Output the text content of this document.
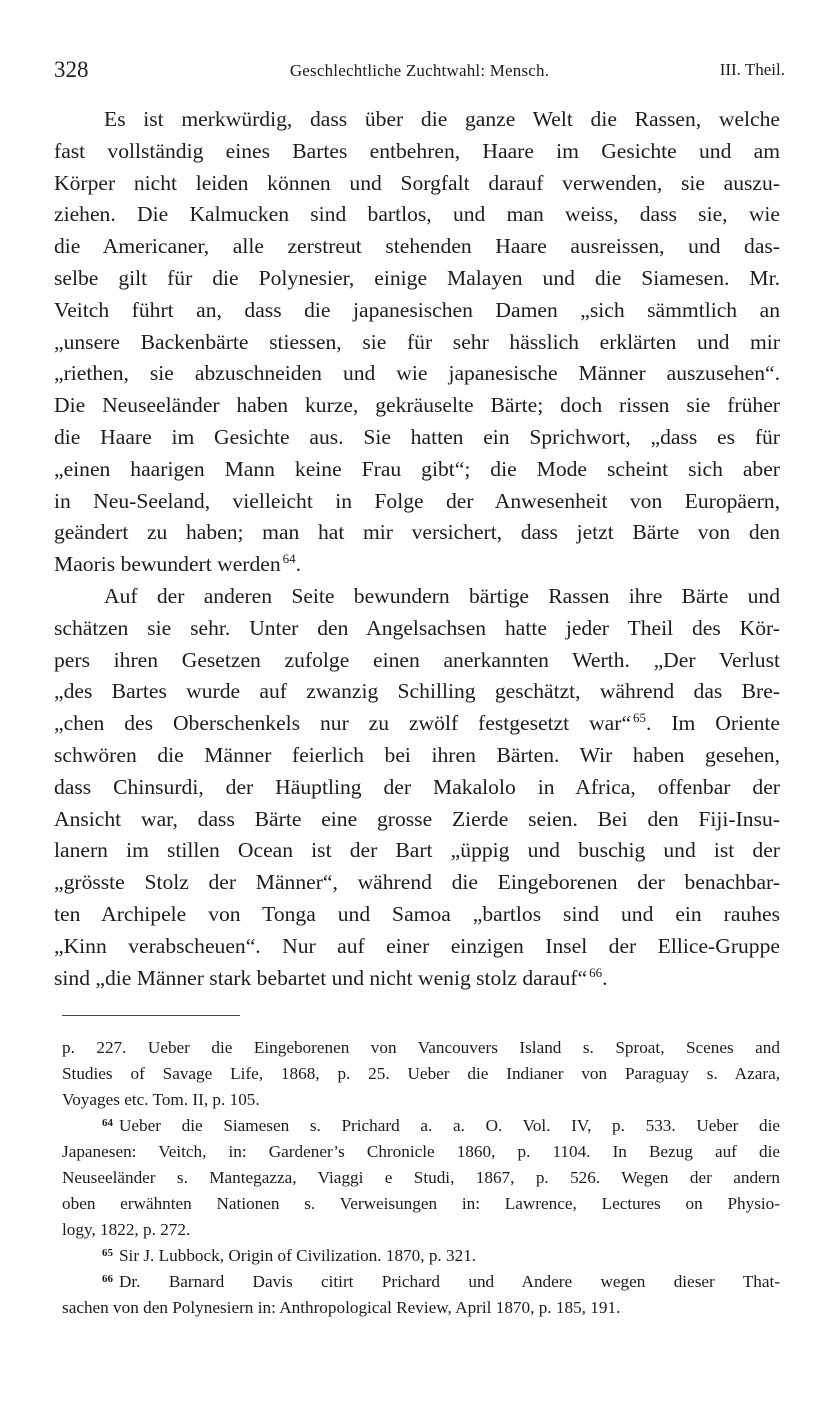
328	Geschlechtliche Zuchtwahl: Mensch.	III. Theil.
Es ist merkwürdig, dass über die ganze Welt die Rassen, welche
fast vollständig eines Bartes entbehren, Haare im Gesichte und am
Körper nicht leiden können und Sorgfalt darauf verwenden, sie auszu-
ziehen. Die Kalmucken sind bartlos, und man weiss, dass sie, wie
die Americaner, alle zerstreut stehenden Haare ausreissen, und das-
selbe gilt für die Polynesier, einige Malayen und die Siamesen. Mr.
Veitch führt an, dass die japanesischen Damen „sich sämmtlich an
„unsere Backenbärte stiessen, sie für sehr hässlich erklärten und mir
„riethen, sie abzuschneiden und wie japanesische Männer auszusehen“.
Die Neuseeländer haben kurze, gekräuselte Bärte; doch rissen sie früher
die Haare im Gesichte aus. Sie hatten ein Sprichwort, „dass es für
„einen haarigen Mann keine Frau gibt“; die Mode scheint sich aber
in Neu-Seeland, vielleicht in Folge der Anwesenheit von Europäern,
geändert zu haben; man hat mir versichert, dass jetzt Bärte von den
Maoris bewundert werden $^{64}$.
Auf der anderen Seite bewundern bärtige Rassen ihre Bärte und
schätzen sie sehr. Unter den Angelsachsen hatte jeder Theil des Kör-
pers ihren Gesetzen zufolge einen anerkannten Werth. „Der Verlust
„des Bartes wurde auf zwanzig Schilling geschätzt, während das Bre-
„chen des Oberschenkels nur zu zwölf festgesetzt war“ $^{65}$. Im Oriente
schwören die Männer feierlich bei ihren Bärten. Wir haben gesehen,
dass Chinsurdi, der Häuptling der Makalolo in Africa, offenbar der
Ansicht war, dass Bärte eine grosse Zierde seien. Bei den Fiji-Insu-
lanern im stillen Ocean ist der Bart „üppig und buschig und ist der
„grösste Stolz der Männer“, während die Eingeborenen der benachbar-
ten Archipele von Tonga und Samoa „bartlos sind und ein rauhes
„Kinn verabscheuen“. Nur auf einer einzigen Insel der Ellice-Gruppe
sind „die Männer stark bebartet und nicht wenig stolz darauf“ $^{66}$.
p. 227. Ueber die Eingeborenen von Vancouvers Island s. Sproat, Scenes and
Studies of Savage Life, 1868, p. 25. Ueber die Indianer von Paraguay s. Azara,
Voyages etc. Tom. II, p. 105.
$^{64}$ Ueber die Siamesen s. Prichard a. a. O. Vol. IV, p. 533. Ueber die
Japanesen: Veitch, in: Gardener’s Chronicle 1860, p. 1104. In Bezug auf die
Neuseeländer s. Mantegazza, Viaggi e Studi, 1867, p. 526. Wegen der andern
oben erwähnten Nationen s. Verweisungen in: Lawrence, Lectures on Physio-
logy, 1822, p. 272.
$^{65}$ Sir J. Lubbock, Origin of Civilization. 1870, p. 321.
$^{66}$ Dr. Barnard Davis citirt Prichard und Andere wegen dieser That-
sachen von den Polynesiern in: Anthropological Review, April 1870, p. 185, 191.
